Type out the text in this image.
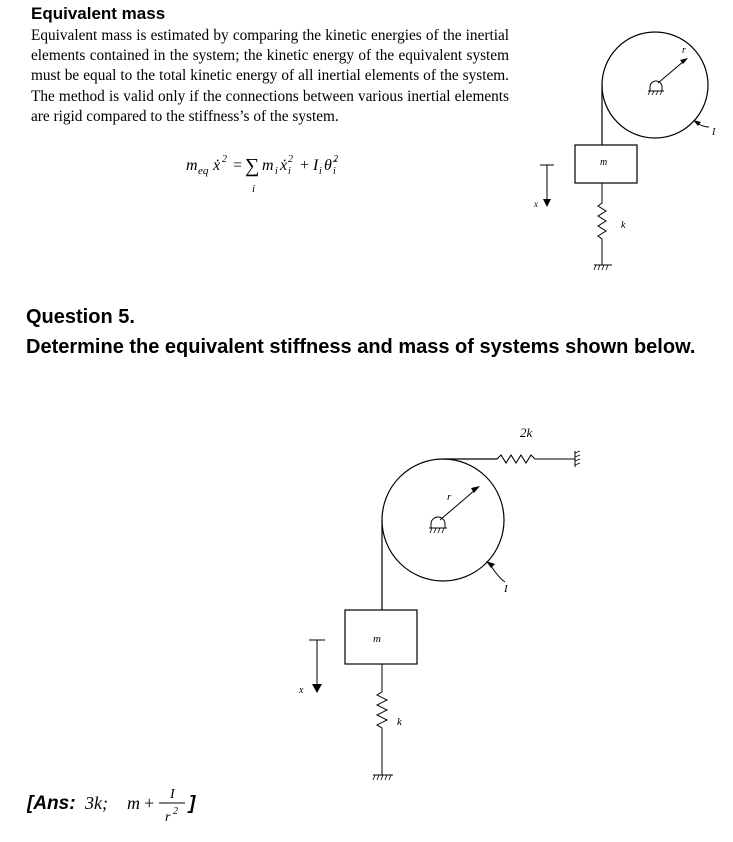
Equivalent mass

Equivalent mass is estimated by comparing the kinetic energies of the inertial elements contained in the system; the kinetic energy of the equivalent system must be equal to the total kinetic energy of all inertial elements of the system. The method is valid only if the connections between various inertial elements are rigid compared to the stiffness’s of the system.

m eq ẋ 2 = ∑
i
m i ẋ 2
i + I i θ̇ 2
i
r
I
m
k
x
Question 5.
Determine the equivalent stiffness and mass of systems shown below.
2k
r
I
m
k
x
[Ans: 3k; m + I
r 2 ]
